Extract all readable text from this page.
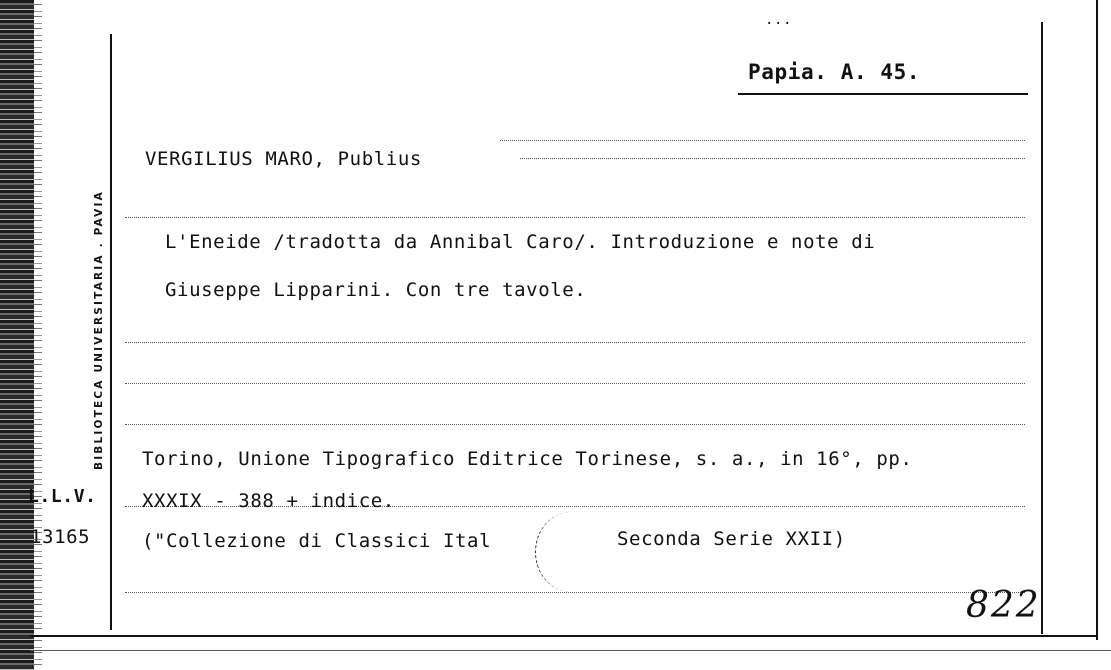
...
Papia. A. 45.
VERGILIUS MARO, Publius
L'Eneide /tradotta da Annibal Caro/. Introduzione e note di
Giuseppe Lipparini. Con tre tavole.
Torino, Unione Tipografico Editrice Torinese, s. a., in 16°, pp.
XXXIX - 388 + indice.
("Collezione di Classici Ital	Seconda Serie XXII)
BIBLIOTECA UNIVERSITARIA . PAVIA
L.L.V.
13165
822
